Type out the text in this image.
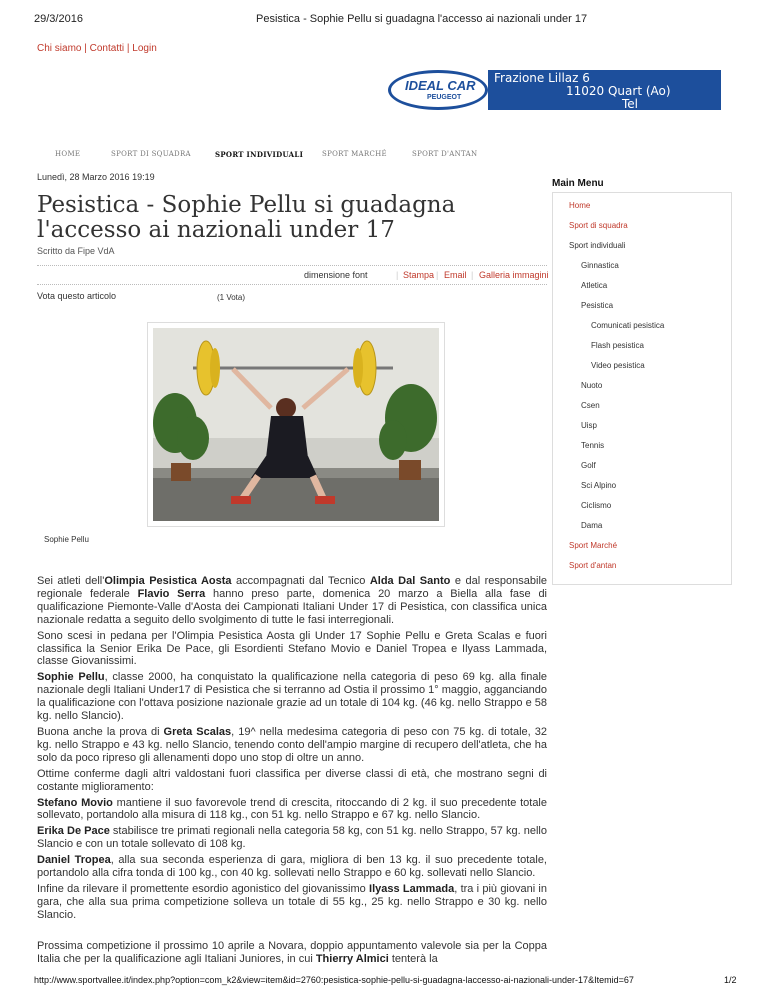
29/3/2016	Pesistica - Sophie Pellu si guadagna l'accesso ai nazionali under 17
Chi siamo | Contatti | Login
IDEAL CAR
PEUGEOT
Frazione Lillaz 6
11020 Quart (Ao)
Tel 0165/765991
HOME	SPORT DI SQUADRA	SPORT INDIVIDUALI	SPORT MARCHÉ	SPORT D'ANTAN
Lunedì, 28 Marzo 2016 19:19
Pesistica - Sophie Pellu si guadagna l'accesso ai nazionali under 17
Scritto da Fipe VdA
dimensione font	| Stampa | Email | Galleria immagini
Vota questo articolo	(1 Vota)
Sophie Pellu

Sei atleti dell'Olimpia Pesistica Aosta accompagnati dal Tecnico Alda Dal Santo e dal responsabile regionale federale Flavio Serra hanno preso parte, domenica 20 marzo a Biella alla fase di qualificazione Piemonte-Valle d'Aosta dei Campionati Italiani Under 17 di Pesistica, con classifica unica nazionale redatta a seguito dello svolgimento di tutte le fasi interregionali.

Sono scesi in pedana per l'Olimpia Pesistica Aosta gli Under 17 Sophie Pellu e Greta Scalas e fuori classifica la Senior Erika De Pace, gli Esordienti Stefano Movio e Daniel Tropea e Ilyass Lammada, classe Giovanissimi.

Sophie Pellu, classe 2000, ha conquistato la qualificazione nella categoria di peso 69 kg. alla finale nazionale degli Italiani Under17 di Pesistica che si terranno ad Ostia il prossimo 1° maggio, agganciando la qualificazione con l'ottava posizione nazionale grazie ad un totale di 104 kg. (46 kg. nello Strappo e 58 kg. nello Slancio).

Buona anche la prova di Greta Scalas, 19^ nella medesima categoria di peso con 75 kg. di totale, 32 kg. nello Strappo e 43 kg. nello Slancio, tenendo conto dell'ampio margine di recupero dell'atleta, che ha solo da poco ripreso gli allenamenti dopo uno stop di oltre un anno.

Ottime conferme dagli altri valdostani fuori classifica per diverse classi di età, che mostrano segni di costante miglioramento:

Stefano Movio mantiene il suo favorevole trend di crescita, ritoccando di 2 kg. il suo precedente totale sollevato, portandolo alla misura di 118 kg., con 51 kg. nello Strappo e 67 kg. nello Slancio.

Erika De Pace stabilisce tre primati regionali nella categoria 58 kg, con 51 kg. nello Strappo, 57 kg. nello Slancio e con un totale sollevato di 108 kg.

Daniel Tropea, alla sua seconda esperienza di gara, migliora di ben 13 kg. il suo precedente totale, portandolo alla cifra tonda di 100 kg., con 40 kg. sollevati nello Strappo e 60 kg. sollevati nello Slancio.

Infine da rilevare il promettente esordio agonistico del giovanissimo Ilyass Lammada, tra i più giovani in gara, che alla sua prima competizione solleva un totale di 55 kg., 25 kg. nello Strappo e 30 kg. nello Slancio.

Prossima competizione il prossimo 10 aprile a Novara, doppio appuntamento valevole sia per la Coppa Italia che per la qualificazione agli Italiani Juniores, in cui Thierry Almici tenterà la

Main Menu
Home
Sport di squadra
Sport individuali
Ginnastica
Atletica
Pesistica
Comunicati pesistica
Flash pesistica
Video pesistica
Nuoto
Csen
Uisp
Tennis
Golf
Sci Alpino
Ciclismo
Dama
Sport Marché
Sport d'antan
http://www.sportvallee.it/index.php?option=com_k2&view=item&id=2760:pesistica-sophie-pellu-si-guadagna-laccesso-ai-nazionali-under-17&Itemid=67	1/2
